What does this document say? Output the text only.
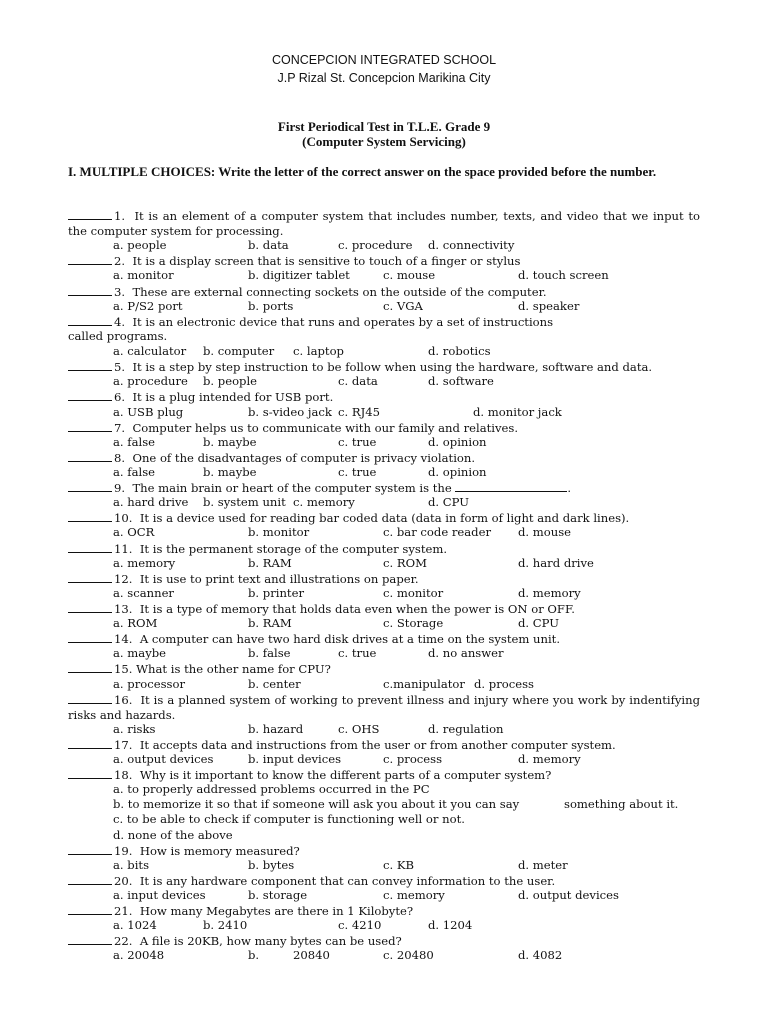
CONCEPCION INTEGRATED SCHOOL
J.P Rizal St. Concepcion Marikina City
First Periodical Test in T.L.E. Grade 9
(Computer System Servicing)
I. MULTIPLE CHOICES: Write the letter of the correct answer on the space provided before the number.
1. It is an element of a computer system that includes number, texts, and video that we input to the computer system for processing.
a. people	b. data	c. procedure d. connectivity
2. It is a display screen that is sensitive to touch of a finger or stylus
a. monitor	b. digitizer tablet	c. mouse	d. touch screen
3. These are external connecting sockets on the outside of the computer.
a. P/S2 port	b. ports	c. VGA	d. speaker
4. It is an electronic device that runs and operates by a set of instructions
called programs.
a. calculator b. computer c. laptop	d. robotics
5. It is a step by step instruction to be follow when using the hardware, software and data.
a. procedure b. people	c. data	d. software
6. It is a plug intended for USB port.
a. USB plug	b. s-video jack c. RJ45	d. monitor jack
7. Computer helps us to communicate with our family and relatives.
a. false	b. maybe	c. true	d. opinion
8. One of the disadvantages of computer is privacy violation.
a. false	b. maybe	c. true	d. opinion
9. The main brain or heart of the computer system is the	.
a. hard drive b. system unit c. memory	d. CPU
10. It is a device used for reading bar coded data (data in form of light and dark lines).
a. OCR	b. monitor	c. bar code reader d. mouse
11. It is the permanent storage of the computer system.
a. memory	b. RAM	c. ROM	d. hard drive
12. It is use to print text and illustrations on paper.
a. scanner	b. printer	c. monitor	d. memory
13. It is a type of memory that holds data even when the power is ON or OFF.
a. ROM	b. RAM	c. Storage	d. CPU
14. A computer can have two hard disk drives at a time on the system unit.
a. maybe	b. false	c. true	d. no answer
15. What is the other name for CPU?
a. processor	b. center	c.manipulator d. process
16. It is a planned system of working to prevent illness and injury where you work by indentifying risks and hazards.
a. risks	b. hazard	c. OHS	d. regulation
17. It accepts data and instructions from the user or from another computer system.
a. output devices	b. input devices	c. process	d. memory
18. Why is it important to know the different parts of a computer system?
a. to properly addressed problems occurred in the PC
b. to memorize it so that if someone will ask you about it you can say	something about it.
c. to be able to check if computer is functioning well or not.
d. none of the above
19. How is memory measured?
a. bits	b. bytes	c. KB	d. meter
20. It is any hardware component that can convey information to the user.
a. input devices	b. storage	c. memory	d. output devices
21. How many Megabytes are there in 1 Kilobyte?
a. 1024	b. 2410	c. 4210	d. 1204
22. A file is 20KB, how many bytes can be used?
a. 20048	b.	20840	c. 20480	d. 4082
